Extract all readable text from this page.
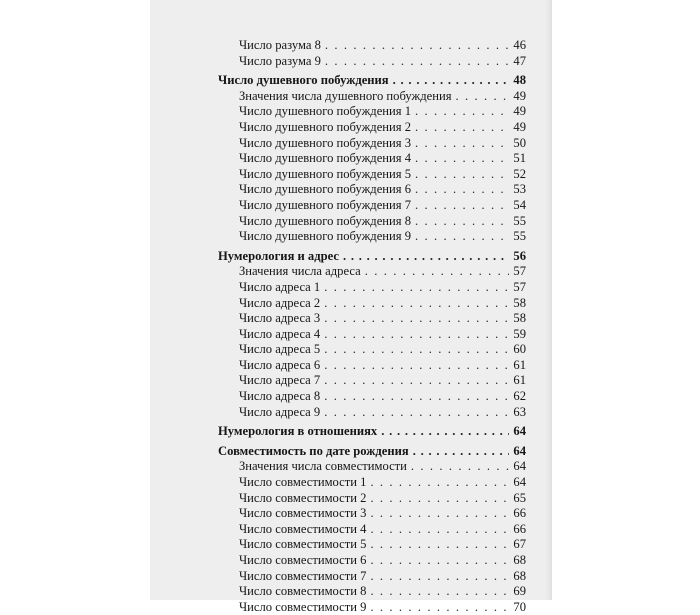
Число разума 8 . . .	46
Число разума 9 . . .	47
Число душевного побуждения . . .	48
Значения числа душевного побуждения . . .	49
Число душевного побуждения 1 . . .	49
Число душевного побуждения 2 . . .	49
Число душевного побуждения 3 . . .	50
Число душевного побуждения 4 . . .	51
Число душевного побуждения 5 . . .	52
Число душевного побуждения 6 . . .	53
Число душевного побуждения 7 . . .	54
Число душевного побуждения 8 . . .	55
Число душевного побуждения 9 . . .	55
Нумерология и адрес . . .	56
Значения числа адреса . . .	57
Число адреса 1 . . .	57
Число адреса 2 . . .	58
Число адреса 3 . . .	58
Число адреса 4 . . .	59
Число адреса 5 . . .	60
Число адреса 6 . . .	61
Число адреса 7 . . .	61
Число адреса 8 . . .	62
Число адреса 9 . . .	63
Нумерология в отношениях . . .	64
Совместимость по дате рождения . . .	64
Значения числа совместимости . . .	64
Число совместимости 1 . . .	64
Число совместимости 2 . . .	65
Число совместимости 3 . . .	66
Число совместимости 4 . . .	66
Число совместимости 5 . . .	67
Число совместимости 6 . . .	68
Число совместимости 7 . . .	68
Число совместимости 8 . . .	69
Число совместимости 9 . . .	70
